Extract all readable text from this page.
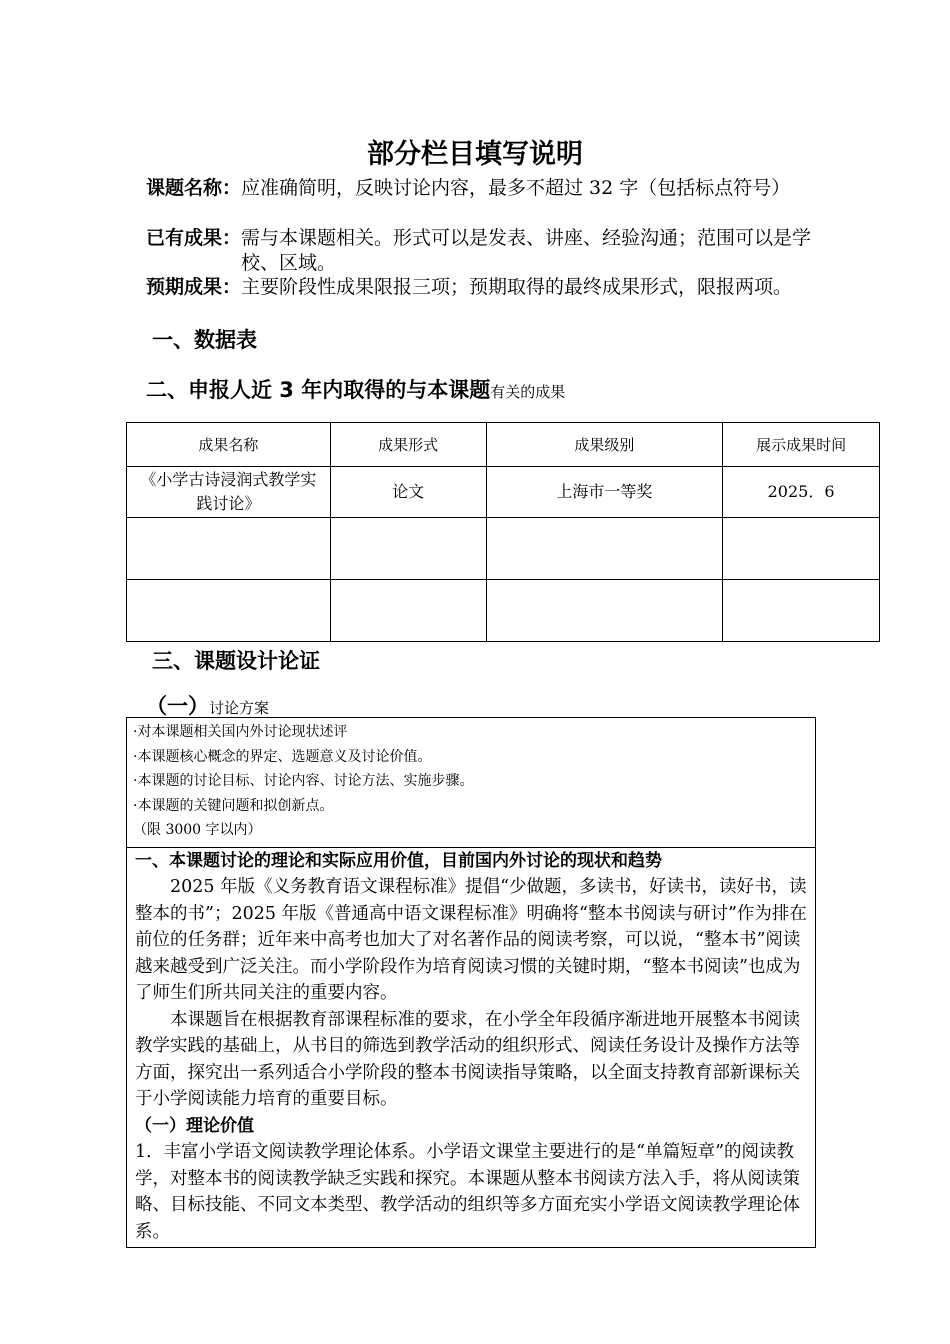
部分栏目填写说明
课题名称： 应准确简明，反映讨论内容，最多不超过 32 字（包括标点符号）
已有成果： 需与本课题相关。形式可以是发表、讲座、经验沟通；范围可以是学校、区域。
预期成果： 主要阶段性成果限报三项；预期取得的最终成果形式，限报两项。
一、数据表
二、申报人近 3 年内取得的与本课题有关的成果
成果名称	成果形式	成果级别	展示成果时间
《小学古诗浸润式教学实践讨论》	论文	上海市一等奖	2025．6

三、课题设计论证
（一）讨论方案
·对本课题相关国内外讨论现状述评
·本课题核心概念的界定、选题意义及讨论价值。
·本课题的讨论目标、讨论内容、讨论方法、实施步骤。
·本课题的关键问题和拟创新点。
（限 3000 字以内）

一、本课题讨论的理论和实际应用价值，目前国内外讨论的现状和趋势

2025 年版《义务教育语文课程标准》提倡“少做题，多读书，好读书，读好书，读整本的书”；2025 年版《普通高中语文课程标准》明确将“整本书阅读与研讨”作为排在前位的任务群；近年来中高考也加大了对名著作品的阅读考察，可以说，“整本书”阅读越来越受到广泛关注。而小学阶段作为培育阅读习惯的关键时期，“整本书阅读”也成为了师生们所共同关注的重要内容。

本课题旨在根据教育部课程标准的要求，在小学全年段循序渐进地开展整本书阅读教学实践的基础上，从书目的筛选到教学活动的组织形式、阅读任务设计及操作方法等方面，探究出一系列适合小学阶段的整本书阅读指导策略，以全面支持教育部新课标关于小学阅读能力培育的重要目标。

（一）理论价值

1．丰富小学语文阅读教学理论体系。小学语文课堂主要进行的是“单篇短章”的阅读教学，对整本书的阅读教学缺乏实践和探究。本课题从整本书阅读方法入手，将从阅读策略、目标技能、不同文本类型、教学活动的组织等多方面充实小学语文阅读教学理论体系。
